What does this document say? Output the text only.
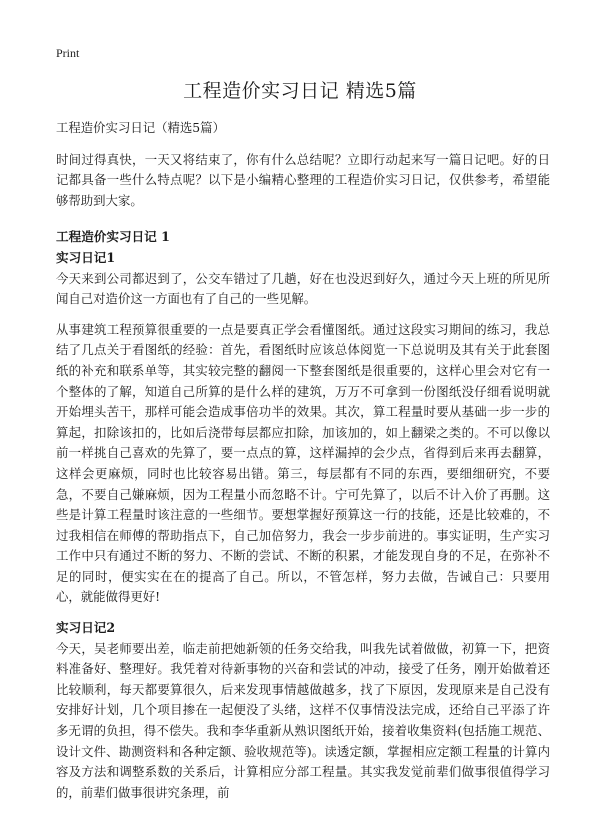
Print
工程造价实习日记 精选5篇

工程造价实习日记（精选5篇）

时间过得真快，一天又将结束了，你有什么总结呢？立即行动起来写一篇日记吧。好的日记都具备一些什么特点呢？以下是小编精心整理的工程造价实习日记，仅供参考，希望能够帮助到大家。

工程造价实习日记 1

实习日记1

今天来到公司都迟到了，公交车错过了几趟，好在也没迟到好久，通过今天上班的所见所闻自己对造价这一方面也有了自己的一些见解。

从事建筑工程预算很重要的一点是要真正学会看懂图纸。通过这段实习期间的练习，我总结了几点关于看图纸的经验：首先，看图纸时应该总体阅览一下总说明及其有关于此套图纸的补充和联系单等，其实较完整的翻阅一下整套图纸是很重要的，这样心里会对它有一个整体的了解，知道自己所算的是什么样的建筑，万万不可拿到一份图纸没仔细看说明就开始埋头苦干，那样可能会造成事倍功半的效果。其次，算工程量时要从基础一步一步的算起，扣除该扣的，比如后浇带每层都应扣除，加该加的，如上翻梁之类的。不可以像以前一样挑自己喜欢的先算了，要一点点的算，这样漏掉的会少点，省得到后来再去翻算，这样会更麻烦，同时也比较容易出错。第三，每层都有不同的东西，要细细研究，不要急，不要自己嫌麻烦，因为工程量小而忽略不计。宁可先算了，以后不计入价了再删。这些是计算工程量时该注意的一些细节。要想掌握好预算这一行的技能，还是比较难的，不过我相信在师傅的帮助指点下，自己加倍努力，我会一步步前进的。事实证明，生产实习工作中只有通过不断的努力、不断的尝试、不断的积累，才能发现自身的不足，在弥补不足的同时，便实实在在的提高了自己。所以，不管怎样，努力去做，告诫自己：只要用心，就能做得更好!

实习日记2

今天，吴老师要出差，临走前把她新领的任务交给我，叫我先试着做做，初算一下，把资料准备好、整理好。我凭着对待新事物的兴奋和尝试的冲动，接受了任务，刚开始做着还比较顺利，每天都要算很久，后来发现事情越做越多，找了下原因，发现原来是自己没有安排好计划，几个项目掺在一起便没了头绪，这样不仅事情没法完成，还给自己平添了许多无谓的负担，得不偿失。我和李华重新从熟识图纸开始，接着收集资料(包括施工规范、设计文件、勘测资料和各种定额、验收规范等)。读透定额，掌握相应定额工程量的计算内容及方法和调整系数的关系后，计算相应分部工程量。其实我发觉前辈们做事很值得学习的，前辈们做事很讲究条理，前
